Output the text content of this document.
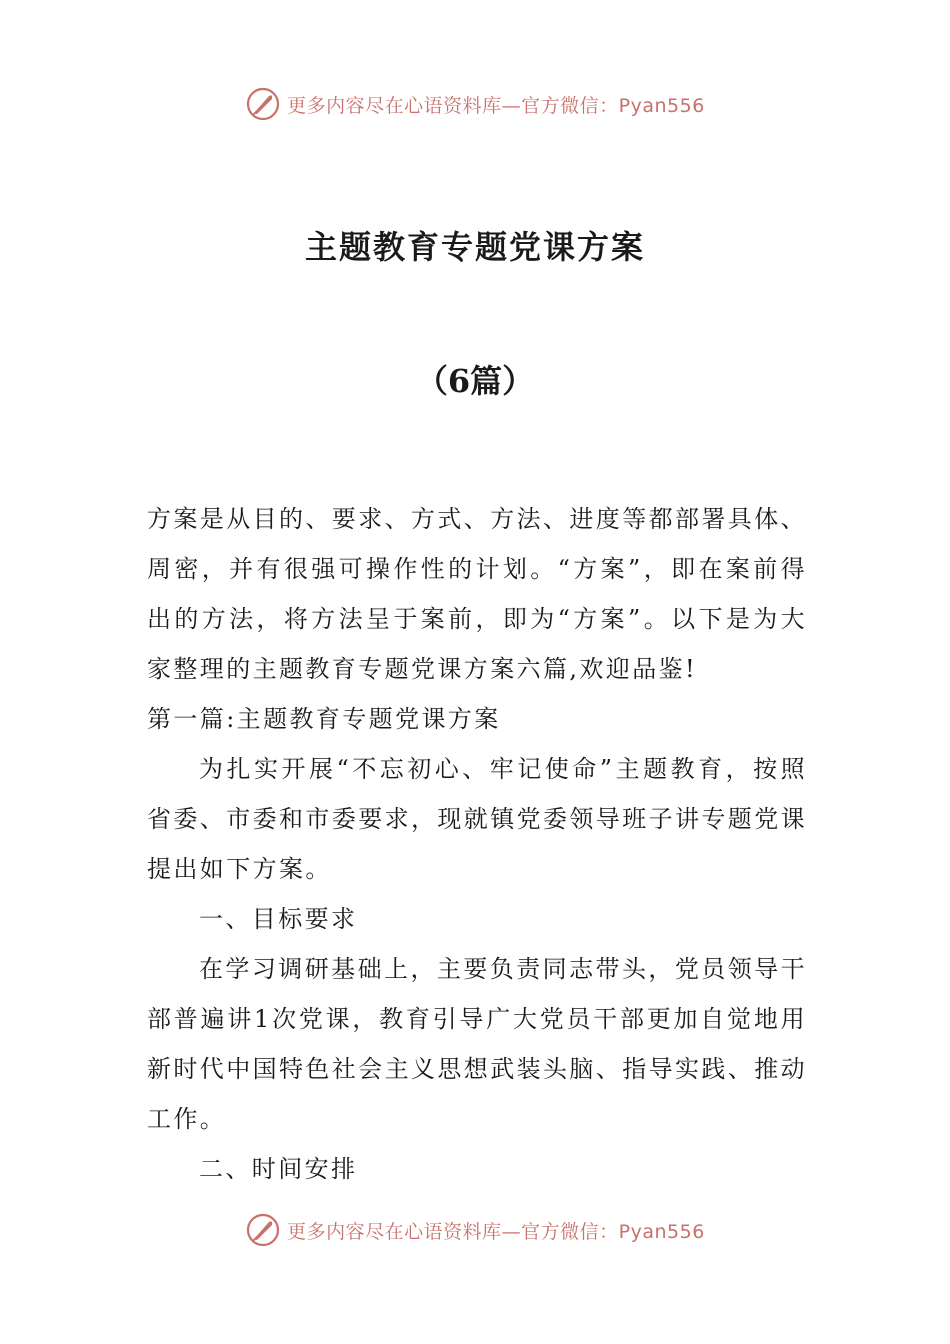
更多内容尽在心语资料库—官方微信：Pyan556
主题教育专题党课方案
（6篇）

方案是从目的、要求、方式、方法、进度等都部署具体、周密，并有很强可操作性的计划。“方案”，即在案前得出的方法，将方法呈于案前，即为“方案”。以下是为大家整理的主题教育专题党课方案六篇,欢迎品鉴!

第一篇:主题教育专题党课方案

为扎实开展“不忘初心、牢记使命”主题教育，按照省委、市委和市委要求，现就镇党委领导班子讲专题党课提出如下方案。

一、目标要求

在学习调研基础上，主要负责同志带头，党员领导干部普遍讲1次党课，教育引导广大党员干部更加自觉地用新时代中国特色社会主义思想武装头脑、指导实践、推动工作。

二、时间安排

更多内容尽在心语资料库—官方微信：Pyan556
